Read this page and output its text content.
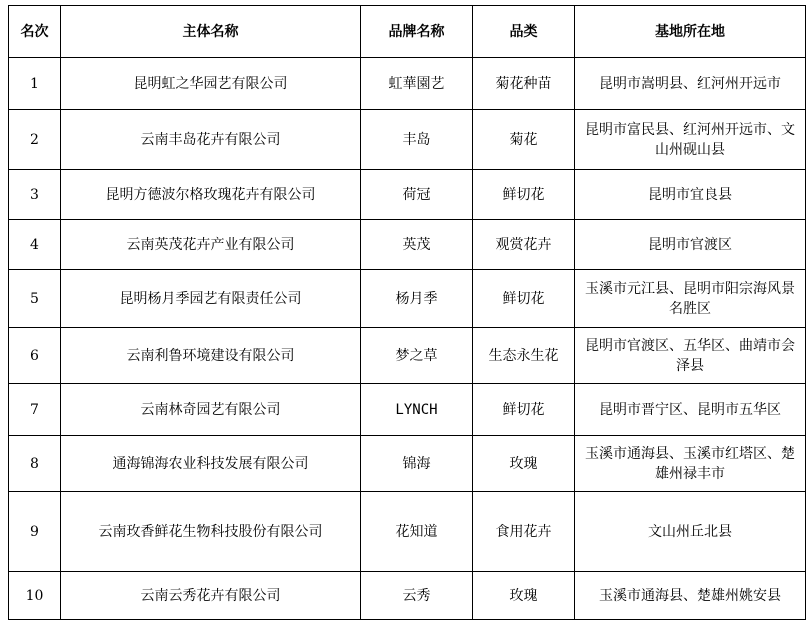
名次	主体名称	品牌名称	品类	基地所在地
1	昆明虹之华园艺有限公司	虹華園艺	菊花种苗	昆明市嵩明县、红河州开远市
2	云南丰岛花卉有限公司	丰岛	菊花	昆明市富民县、红河州开远市、文山州砚山县
3	昆明方德波尔格玫瑰花卉有限公司	荷冠	鲜切花	昆明市宜良县
4	云南英茂花卉产业有限公司	英茂	观赏花卉	昆明市官渡区
5	昆明杨月季园艺有限责任公司	杨月季	鲜切花	玉溪市元江县、昆明市阳宗海风景名胜区
6	云南利鲁环境建设有限公司	梦之草	生态永生花	昆明市官渡区、五华区、曲靖市会泽县
7	云南林奇园艺有限公司	LYNCH	鲜切花	昆明市晋宁区、昆明市五华区
8	通海锦海农业科技发展有限公司	锦海	玫瑰	玉溪市通海县、玉溪市红塔区、楚雄州禄丰市
9	云南玫香鲜花生物科技股份有限公司	花知道	食用花卉	文山州丘北县
10	云南云秀花卉有限公司	云秀	玫瑰	玉溪市通海县、楚雄州姚安县
